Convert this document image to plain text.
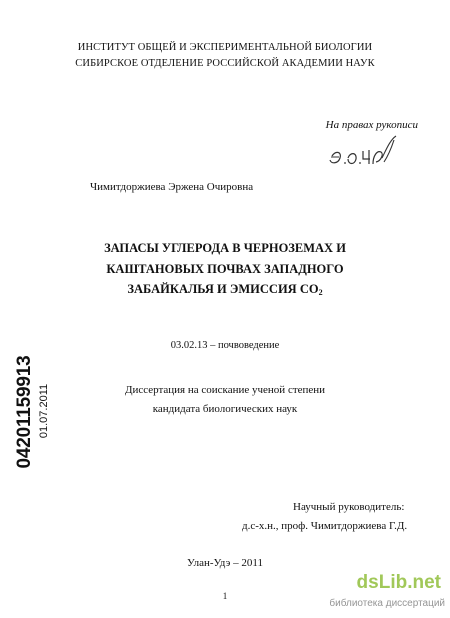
ИНСТИТУТ ОБЩЕЙ И ЭКСПЕРИМЕНТАЛЬНОЙ БИОЛОГИИ
СИБИРСКОЕ ОТДЕЛЕНИЕ РОССИЙСКОЙ АКАДЕМИИ НАУК
На правах рукописи
Чимитдоржиева Эржена Очировна
ЗАПАСЫ УГЛЕРОДА В ЧЕРНОЗЕМАХ И
КАШТАНОВЫХ ПОЧВАХ ЗАПАДНОГО
ЗАБАЙКАЛЬЯ И ЭМИССИЯ $СО_2$
03.02.13 – почвоведение
Диссертация на соискание ученой степени
кандидата биологических наук
Научный руководитель:
д.с-х.н., проф. Чимитдоржиева Г.Д.
Улан-Удэ – 2011
1
04201159913 01.07.2011
dsLib.net
библиотека диссертаций
